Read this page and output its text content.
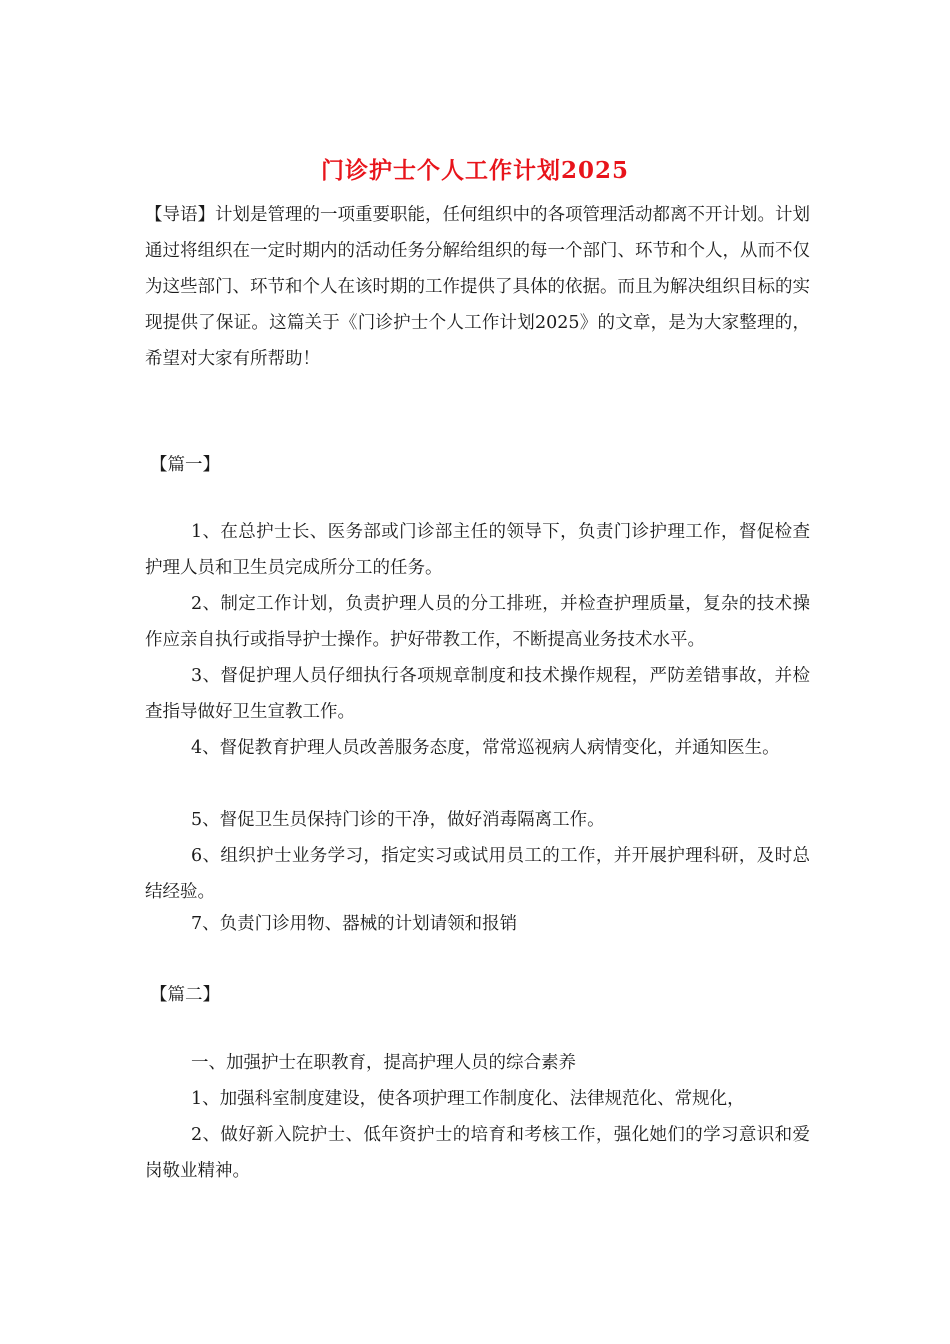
门诊护士个人工作计划2025

【导语】计划是管理的一项重要职能，任何组织中的各项管理活动都离不开计划。计划通过将组织在一定时期内的活动任务分解给组织的每一个部门、环节和个人，从而不仅为这些部门、环节和个人在该时期的工作提供了具体的依据。而且为解决组织目标的实现提供了保证。这篇关于《门诊护士个人工作计划2025》的文章，是为大家整理的，希望对大家有所帮助！

【篇一】

1、在总护士长、医务部或门诊部主任的领导下，负责门诊护理工作，督促检查护理人员和卫生员完成所分工的任务。

2、制定工作计划，负责护理人员的分工排班，并检查护理质量，复杂的技术操作应亲自执行或指导护士操作。护好带教工作，不断提高业务技术水平。

3、督促护理人员仔细执行各项规章制度和技术操作规程，严防差错事故，并检查指导做好卫生宣教工作。

4、督促教育护理人员改善服务态度，常常巡视病人病情变化，并通知医生。

5、督促卫生员保持门诊的干净，做好消毒隔离工作。

6、组织护士业务学习，指定实习或试用员工的工作，并开展护理科研，及时总结经验。

7、负责门诊用物、器械的计划请领和报销

【篇二】

一、加强护士在职教育，提高护理人员的综合素养

1、加强科室制度建设，使各项护理工作制度化、法律规范化、常规化，

2、做好新入院护士、低年资护士的培育和考核工作，强化她们的学习意识和爱岗敬业精神。
